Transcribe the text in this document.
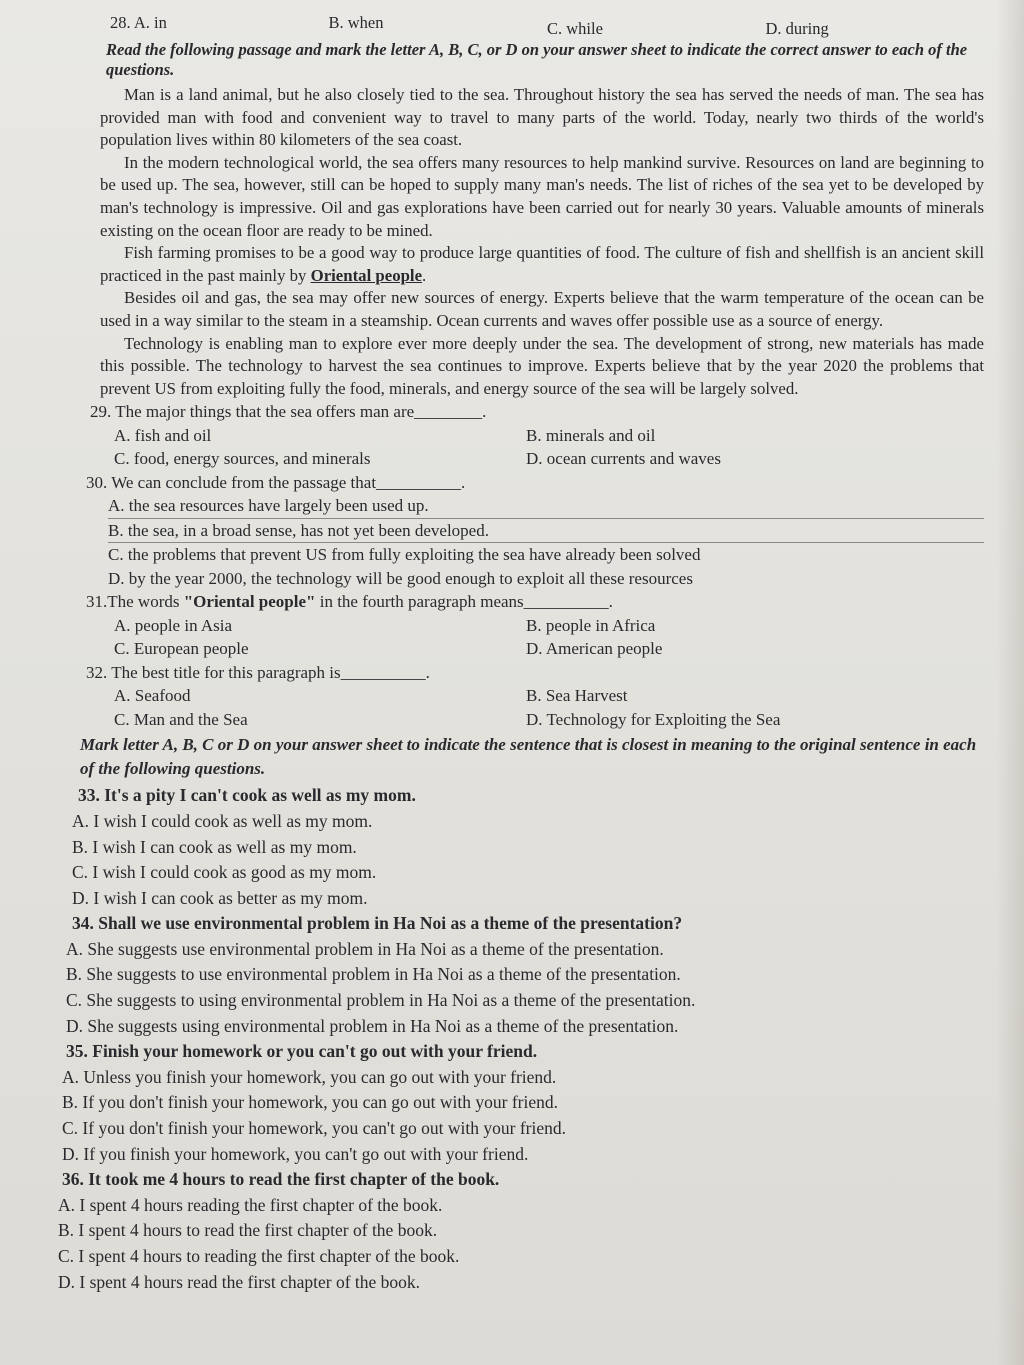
28. A. in	B. when	C. while	D. during
Read the following passage and mark the letter A, B, C, or D on your answer sheet to indicate the correct answer to each of the questions.
Man is a land animal, but he also closely tied to the sea. Throughout history the sea has served the needs of man. The sea has provided man with food and convenient way to travel to many parts of the world. Today, nearly two thirds of the world's population lives within 80 kilometers of the sea coast.
In the modern technological world, the sea offers many resources to help mankind survive. Resources on land are beginning to be used up. The sea, however, still can be hoped to supply many man's needs. The list of riches of the sea yet to be developed by man's technology is impressive. Oil and gas explorations have been carried out for nearly 30 years. Valuable amounts of minerals existing on the ocean floor are ready to be mined.
Fish farming promises to be a good way to produce large quantities of food. The culture of fish and shellfish is an ancient skill practiced in the past mainly by Oriental people.
Besides oil and gas, the sea may offer new sources of energy. Experts believe that the warm temperature of the ocean can be used in a way similar to the steam in a steamship. Ocean currents and waves offer possible use as a source of energy.
Technology is enabling man to explore ever more deeply under the sea. The development of strong, new materials has made this possible. The technology to harvest the sea continues to improve. Experts believe that by the year 2020 the problems that prevent US from exploiting fully the food, minerals, and energy source of the sea will be largely solved.
29. The major things that the sea offers man are________.
A. fish and oil	B. minerals and oil
C. food, energy sources, and minerals	D. ocean currents and waves
30. We can conclude from the passage that__________.
A. the sea resources have largely been used up.
B. the sea, in a broad sense, has not yet been developed.
C. the problems that prevent US from fully exploiting the sea have already been solved
D. by the year 2000, the technology will be good enough to exploit all these resources
31.The words "Oriental people" in the fourth paragraph means__________.
A. people in Asia	B. people in Africa
C. European people	D. American people
32. The best title for this paragraph is__________.
A. Seafood	B. Sea Harvest
C. Man and the Sea	D. Technology for Exploiting the Sea
Mark letter A, B, C or D on your answer sheet to indicate the sentence that is closest in meaning to the original sentence in each of the following questions.
33. It's a pity I can't cook as well as my mom.
A. I wish I could cook as well as my mom.
B. I wish I can cook as well as my mom.
C. I wish I could cook as good as my mom.
D. I wish I can cook as better as my mom.
34. Shall we use environmental problem in Ha Noi as a theme of the presentation?
A. She suggests use environmental problem in Ha Noi as a theme of the presentation.
B. She suggests to use environmental problem in Ha Noi as a theme of the presentation.
C. She suggests to using environmental problem in Ha Noi as a theme of the presentation.
D. She suggests using environmental problem in Ha Noi as a theme of the presentation.
35. Finish your homework or you can't go out with your friend.
A. Unless you finish your homework, you can go out with your friend.
B. If you don't finish your homework, you can go out with your friend.
C. If you don't finish your homework, you can't go out with your friend.
D. If you finish your homework, you can't go out with your friend.
36. It took me 4 hours to read the first chapter of the book.
A. I spent 4 hours reading the first chapter of the book.
B. I spent 4 hours to read the first chapter of the book.
C. I spent 4 hours to reading the first chapter of the book.
D. I spent 4 hours read the first chapter of the book.
